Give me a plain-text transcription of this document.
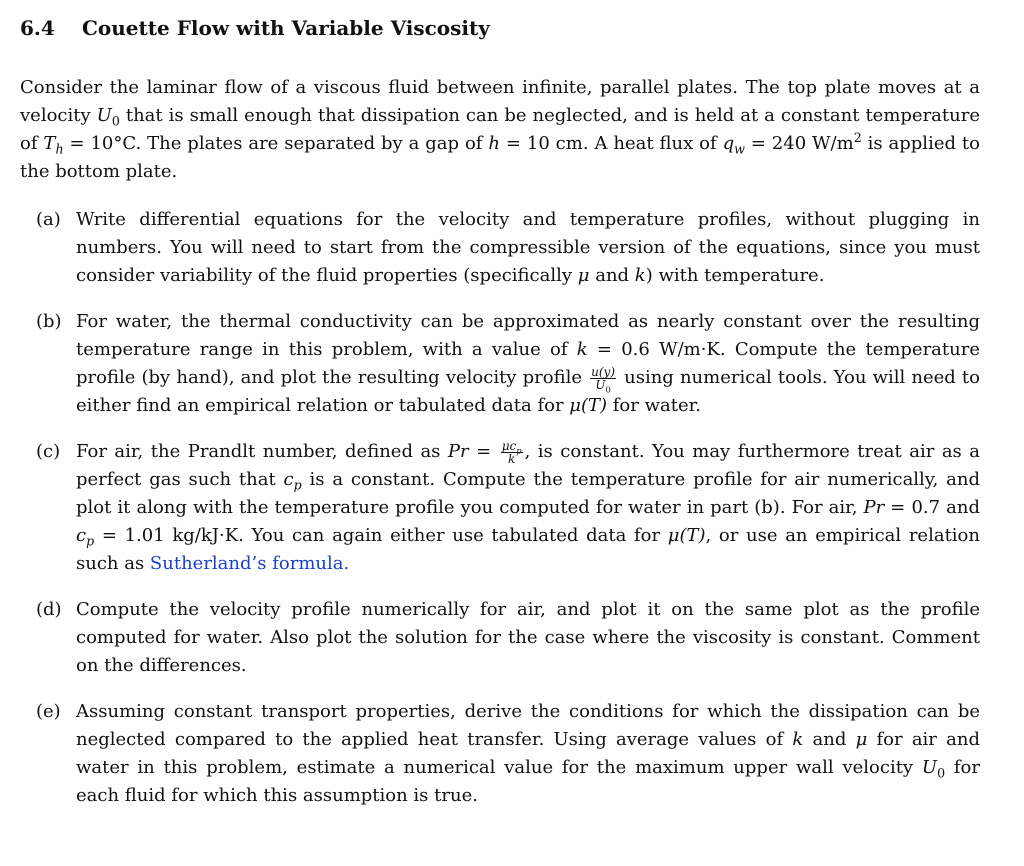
6.4 Couette Flow with Variable Viscosity

Consider the laminar flow of a viscous fluid between infinite, parallel plates. The top plate moves at a velocity $U_0$ that is small enough that dissipation can be neglected, and is held at a constant temperature of $T_h = 10^\circ C$. The plates are separated by a gap of h = 10 cm. A heat flux of $q_w = 240$ $W/m^2$ is applied to the bottom plate.

(a) Write differential equations for the velocity and temperature profiles, without plugging in numbers. You will need to start from the compressible version of the equations, since you must consider variability of the fluid properties (specifically μ and k) with temperature.
(b) For water, the thermal conductivity can be approximated as nearly constant over the resulting temperature range in this problem, with a value of k = 0.6 W/m·K. Compute the temperature profile (by hand), and plot the resulting velocity profile $\frac{u(y)}{U_0}$ using numerical tools. You will need to either find an empirical relation or tabulated data for μ(T) for water.
(c) For air, the Prandlt number, defined as $Pr = \frac{\mu c_p}{k}$ , is constant. You may furthermore treat air as a perfect gas such that $c_p$ is a constant. Compute the temperature profile for air numerically, and plot it along with the temperature profile you computed for water in part (b). For air, Pr = 0.7 and $c_p = 1.01$ kg/kJ·K. You can again either use tabulated data for μ(T), or use an empirical relation such as Sutherland’s formula.
(d) Compute the velocity profile numerically for air, and plot it on the same plot as the profile computed for water. Also plot the solution for the case where the viscosity is constant. Comment on the differences.
(e) Assuming constant transport properties, derive the conditions for which the dissipation can be neglected compared to the applied heat transfer. Using average values of k and μ for air and water in this problem, estimate a numerical value for the maximum upper wall velocity $U_0$ for each fluid for which this assumption is true.
